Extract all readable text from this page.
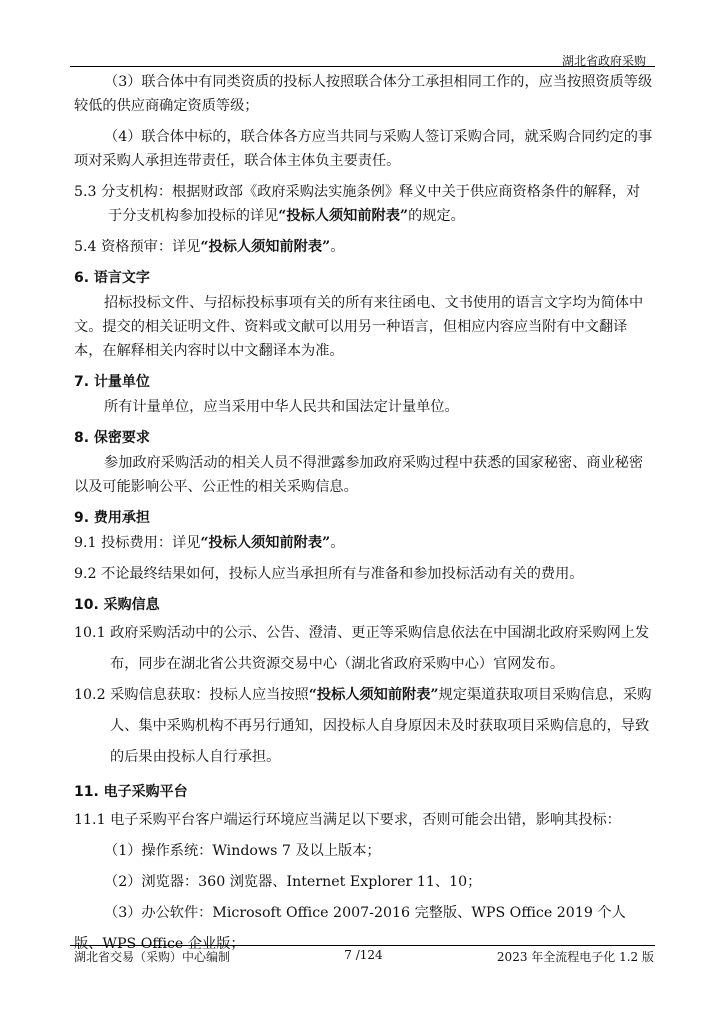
湖北省政府采购

（3）联合体中有同类资质的投标人按照联合体分工承担相同工作的，应当按照资质等级较低的供应商确定资质等级；

（4）联合体中标的，联合体各方应当共同与采购人签订采购合同，就采购合同约定的事项对采购人承担连带责任，联合体主体负主要责任。

5.3 分支机构：根据财政部《政府采购法实施条例》释义中关于供应商资格条件的解释，对于分支机构参加投标的详见“投标人须知前附表”的规定。

5.4 资格预审：详见“投标人须知前附表”。

6. 语言文字

招标投标文件、与招标投标事项有关的所有来往函电、文书使用的语言文字均为简体中文。提交的相关证明文件、资料或文献可以用另一种语言，但相应内容应当附有中文翻译本，在解释相关内容时以中文翻译本为准。

7. 计量单位

所有计量单位，应当采用中华人民共和国法定计量单位。

8. 保密要求

参加政府采购活动的相关人员不得泄露参加政府采购过程中获悉的国家秘密、商业秘密以及可能影响公平、公正性的相关采购信息。

9. 费用承担

9.1 投标费用：详见“投标人须知前附表”。

9.2 不论最终结果如何，投标人应当承担所有与准备和参加投标活动有关的费用。

10. 采购信息

10.1 政府采购活动中的公示、公告、澄清、更正等采购信息依法在中国湖北政府采购网上发布，同步在湖北省公共资源交易中心（湖北省政府采购中心）官网发布。

10.2 采购信息获取：投标人应当按照“投标人须知前附表”规定渠道获取项目采购信息，采购人、集中采购机构不再另行通知，因投标人自身原因未及时获取项目采购信息的，导致的后果由投标人自行承担。

11. 电子采购平台

11.1 电子采购平台客户端运行环境应当满足以下要求，否则可能会出错，影响其投标：

（1）操作系统：Windows 7 及以上版本；

（2）浏览器：360 浏览器、Internet Explorer 11、10；

（3）办公软件：Microsoft Office 2007-2016 完整版、WPS Office 2019 个人版、WPS Office 企业版；

湖北省交易（采购）中心编制	7 /124	2023 年全流程电子化 1.2 版
